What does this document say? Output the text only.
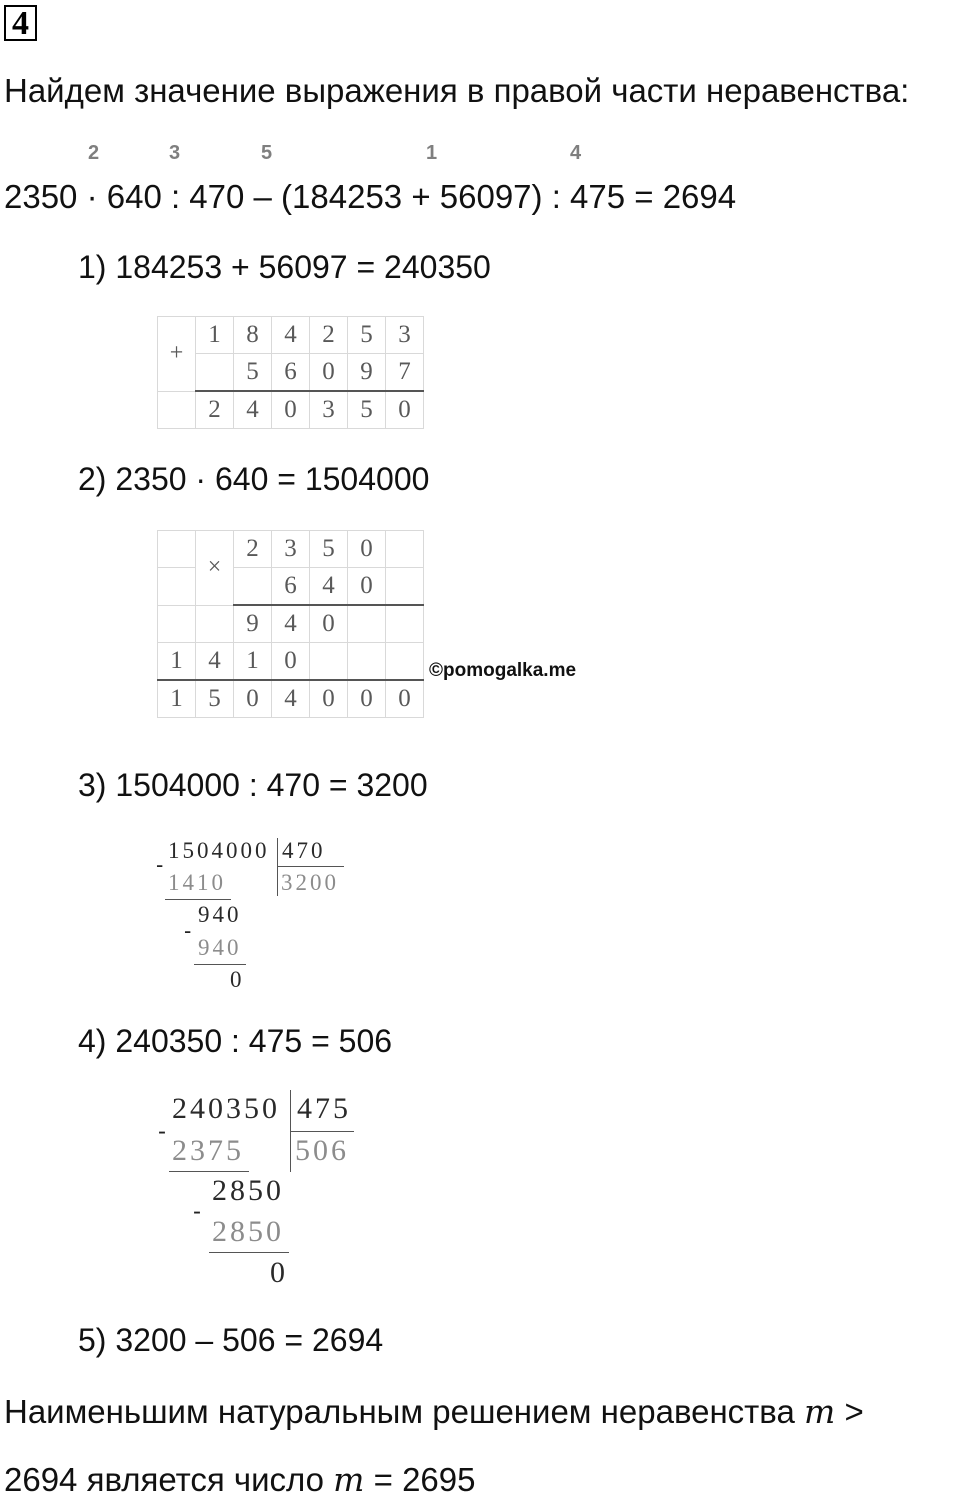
4
Найдем значение выражения в правой части неравенства:
2	3	5	1	4
2350 · 640 : 470 – (184253 + 56097) : 475 = 2694
1) 184253 + 56097 = 240350
+	1	8	4	2	5	3
		5	6	0	9	7
	2	4	0	3	5	0
2) 2350 · 640 = 1504000
	×	2	3	5	0	
			6	4	0	
		9	4	0		
1	4	1	0			
1	5	0	4	0	0	0
©pomogalka.me
3) 1504000 : 470 = 3200
1504000 470
-
1410 3200
940
-
940
0
4) 240350 : 475 = 506
240350 475
-
2375 506
2850
-
2850
0
5) 3200 – 506 = 2694
Наименьшим натуральным решением неравенства m >
2694 является число m = 2695
